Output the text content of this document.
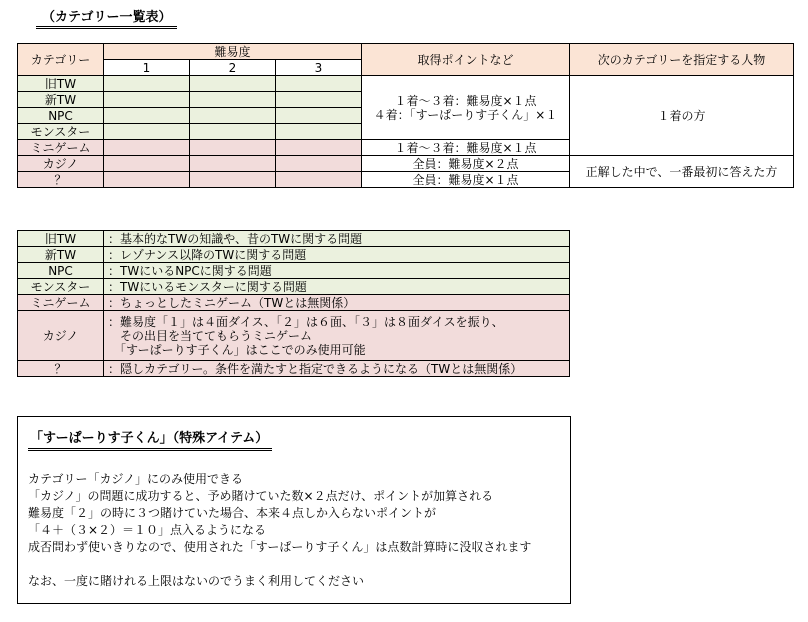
（カテゴリー一覧表）
カテゴリー	難易度			取得ポイントなど	次のカテゴリーを指定する人物
	1	2	3		
旧TW				１着～３着：難易度×１点
４着：「すーぱーりす子くん」×１	１着の方
新TW					
NPC					
モンスター					
ミニゲーム				１着～３着：難易度×１点	
カジノ				全員：難易度×２点	正解した中で、一番最初に答えた方
？				全員：難易度×１点	
旧TW	：基本的なTWの知識や、昔のTWに関する問題
新TW	：レゾナンス以降のTWに関する問題
NPC	：TWにいるNPCに関する問題
モンスター	：TWにいるモンスターに関する問題
ミニゲーム	：ちょっとしたミニゲーム（TWとは無関係）
カジノ	：難易度「１」は４面ダイス、「２」は６面、「３」は８面ダイスを振り、
　その出目を当ててもらうミニゲーム
　「すーぱーりす子くん」はここでのみ使用可能

？	：隠しカテゴリー。条件を満たすと指定できるようになる（TWとは無関係）
「すーぱーりす子くん」（特殊アイテム）
カテゴリー「カジノ」にのみ使用できる
「カジノ」の問題に成功すると、予め賭けていた数×２点だけ、ポイントが加算される
難易度「２」の時に３つ賭けていた場合、本来４点しか入らないポイントが
「４＋（３×２）＝１０」点入るようになる
成否問わず使いきりなので、使用された「すーぱーりす子くん」は点数計算時に没収されます
なお、一度に賭けれる上限はないのでうまく利用してください
